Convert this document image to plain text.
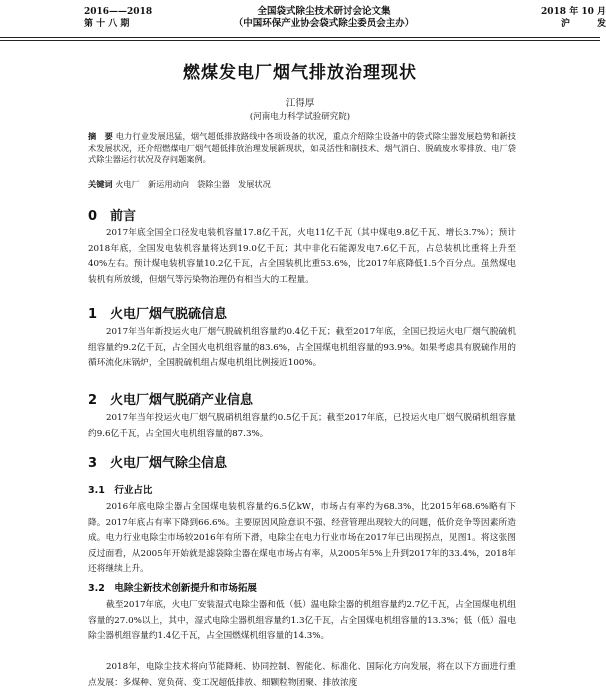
2016——2018
第 十 八 期
全国袋式除尘技术研讨会论文集
（中国环保产业协会袋式除尘委员会主办）
2018 年 10 月
沪　　　发
燃煤发电厂烟气排放治理现状
江得厚
(河南电力科学试验研究院)
摘　要 电力行业发展迅猛，烟气超低排放路线中各项设备的状况，重点介绍除尘设备中的袋式除尘器发展趋势和新技术发展状况，还介绍燃煤电厂烟气超低排放治理发展新现状，如灵活性和制技术、烟气消白、脱硫废水零排放、电厂袋式除尘器运行状况及存问题案例。
关键词 火电厂　新运用动向　袋除尘器　发展状况
0　前言
2017年底全国全口径发电装机容量17.8亿千瓦，火电11亿千瓦（其中煤电9.8亿千瓦、增长3.7%）；预计2018年底，全国发电装机容量将达到19.0亿千瓦；其中非化石能源发电7.6亿千瓦，占总装机比重将上升至40%左右。预计煤电装机容量10.2亿千瓦，占全国装机比重53.6%，比2017年底降低1.5个百分点。虽然煤电装机有所放缓，但烟气等污染物治理仍有相当大的工程量。
1　火电厂烟气脱硫信息
2017年当年新投运火电厂烟气脱硫机组容量约0.4亿千瓦；截至2017年底，全国已投运火电厂烟气脱硫机组容量约9.2亿千瓦，占全国火电机组容量的83.6%，占全国煤电机组容量的93.9%。如果考虑具有脱硫作用的循环流化床锅炉，全国脱硫机组占煤电机组比例接近100%。
2　火电厂烟气脱硝产业信息
2017年当年投运火电厂烟气脱硝机组容量约0.5亿千瓦；截至2017年底，已投运火电厂烟气脱硝机组容量约9.6亿千瓦，占全国火电机组容量的87.3%。
3　火电厂烟气除尘信息
3.1　行业占比
2016年底电除尘器占全国煤电装机容量约6.5亿kW，市场占有率约为68.3%，比2015年68.6%略有下降。2017年底占有率下降到66.6%。主要原因风险意识不强、经营管理出现较大的问题，低价竞争等因素所造成。电力行业电除尘市场较2016年有所下滑，电除尘在电力行业市场在2017年已出现拐点，见图1。将这张图反过面看，从2005年开始就是滤袋除尘器在煤电市场占有率，从2005年5%上升到2017年的33.4%，2018年还将继续上升。
3.2　电除尘新技术创新提升和市场拓展
截至2017年底，火电厂安装湿式电除尘器和低（低）温电除尘器的机组容量约2.7亿千瓦，占全国煤电机组容量的27.0%以上，其中，湿式电除尘器机组容量约1.3亿千瓦，占全国煤电机组容量的13.3%；低（低）温电除尘器机组容量约1.4亿千瓦，占全国燃煤机组容量的14.3%。
2018年，电除尘技术将向节能降耗、协同控制、智能化、标准化、国际化方向发展，将在以下方面进行重点发展：多煤种、宽负荷、变工况超低排放、细颗粒物团聚、排放浓度
